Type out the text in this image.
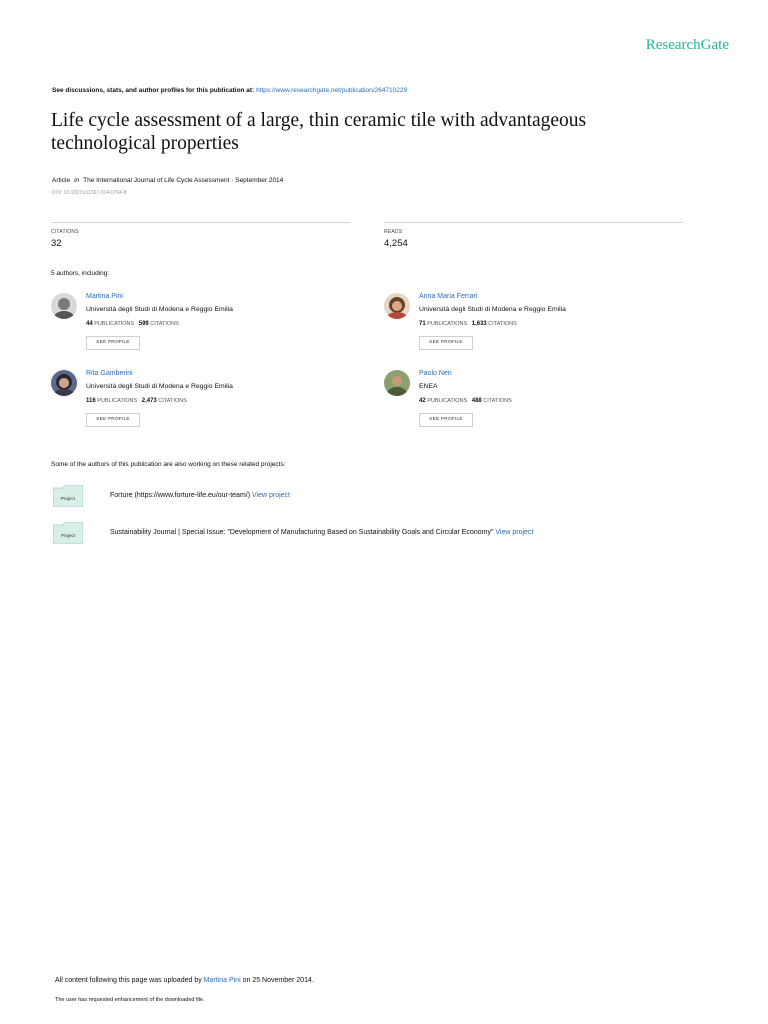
ResearchGate
See discussions, stats, and author profiles for this publication at: https://www.researchgate.net/publication/264710229
Life cycle assessment of a large, thin ceramic tile with advantageous technological properties
Article in The International Journal of Life Cycle Assessment · September 2014
DOI: 10.1007/s11367-014-0764-8
CITATIONS
32
READS
4,254
5 authors, including:
Martina Pini
Università degli Studi di Modena e Reggio Emilia
44 PUBLICATIONS 599 CITATIONS
SEE PROFILE
Anna Maria Ferrari
Università degli Studi di Modena e Reggio Emilia
71 PUBLICATIONS 1,633 CITATIONS
SEE PROFILE
Rita Gamberini
Università degli Studi di Modena e Reggio Emilia
116 PUBLICATIONS 2,473 CITATIONS
SEE PROFILE
Paolo Neri
ENEA
42 PUBLICATIONS 488 CITATIONS
SEE PROFILE
Some of the authors of this publication are also working on these related projects:
Project	Forture (https://www.forture-life.eu/our-team/) View project
Project	Sustainability Journal | Special Issue: "Development of Manufacturing Based on Sustainability Goals and Circular Economy" View project
All content following this page was uploaded by Martina Pini on 25 November 2014.
The user has requested enhancement of the downloaded file.
